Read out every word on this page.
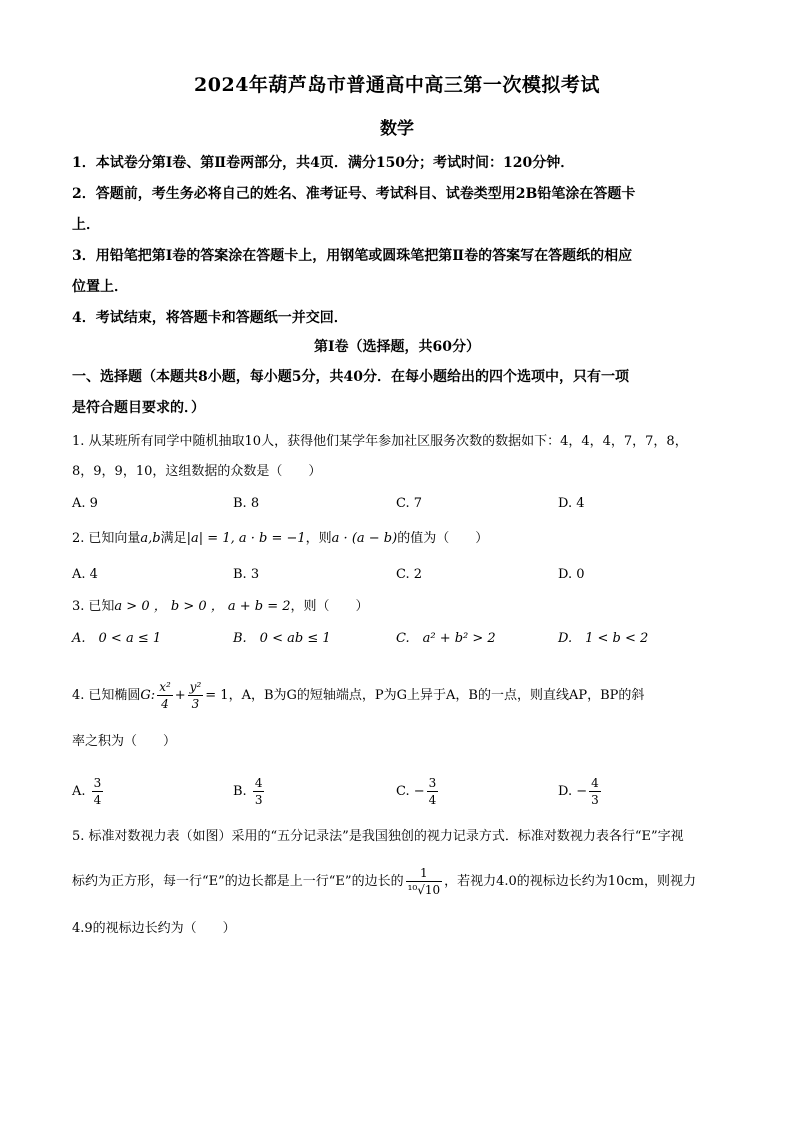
2024年葫芦岛市普通高中高三第一次模拟考试
数学

1．本试卷分第Ⅰ卷、第Ⅱ卷两部分，共4页．满分150分；考试时间：120分钟．

2．答题前，考生务必将自己的姓名、准考证号、考试科目、试卷类型用2B铅笔涂在答题卡

上．

3．用铅笔把第Ⅰ卷的答案涂在答题卡上，用钢笔或圆珠笔把第Ⅱ卷的答案写在答题纸的相应

位置上．

4．考试结束，将答题卡和答题纸一并交回．

第Ⅰ卷（选择题，共60分）
一、选择题（本题共8小题，每小题5分，共40分．在每小题给出的四个选项中，只有一项
是符合题目要求的．）
1. 从某班所有同学中随机抽取10人，获得他们某学年参加社区服务次数的数据如下：4，4，4，7，7，8，
8，9，9，10，这组数据的众数是（　　）
A. 9	B. 8	C. 7	D. 4
2. 已知向量a,b满足|a| = 1, a · b = −1，则a · (a − b)的值为（　　）
A. 4	B. 3	C. 2	D. 0
3. 已知a > 0 ， b > 0 ， a + b = 2，则（　　）
A.　0 < a ≤ 1	B.　0 < ab ≤ 1	C.　a² + b² > 2	D.　1 < b < 2
4. 已知椭圆G: $\frac{\text{x²}}{4} + \frac{\text{y²}}{3} = 1$，A，B为G的短轴端点，P为G上异于A，B的一点，则直线AP，BP的斜
率之积为（　　）
A. $\frac{3}{4}$	B. $\frac{4}{3}$	C. − $\frac{3}{4}$	D. − $\frac{4}{3}$
5. 标准对数视力表（如图）采用的“五分记录法”是我国独创的视力记录方式．标准对数视力表各行“E”字视
标约为正方形，每一行“E”的边长都是上一行“E”的边长的 $\frac{1}{\text{¹⁰√10}}$ ，若视力4.0的视标边长约为10cm，则视力
4.9的视标边长约为（　　）
